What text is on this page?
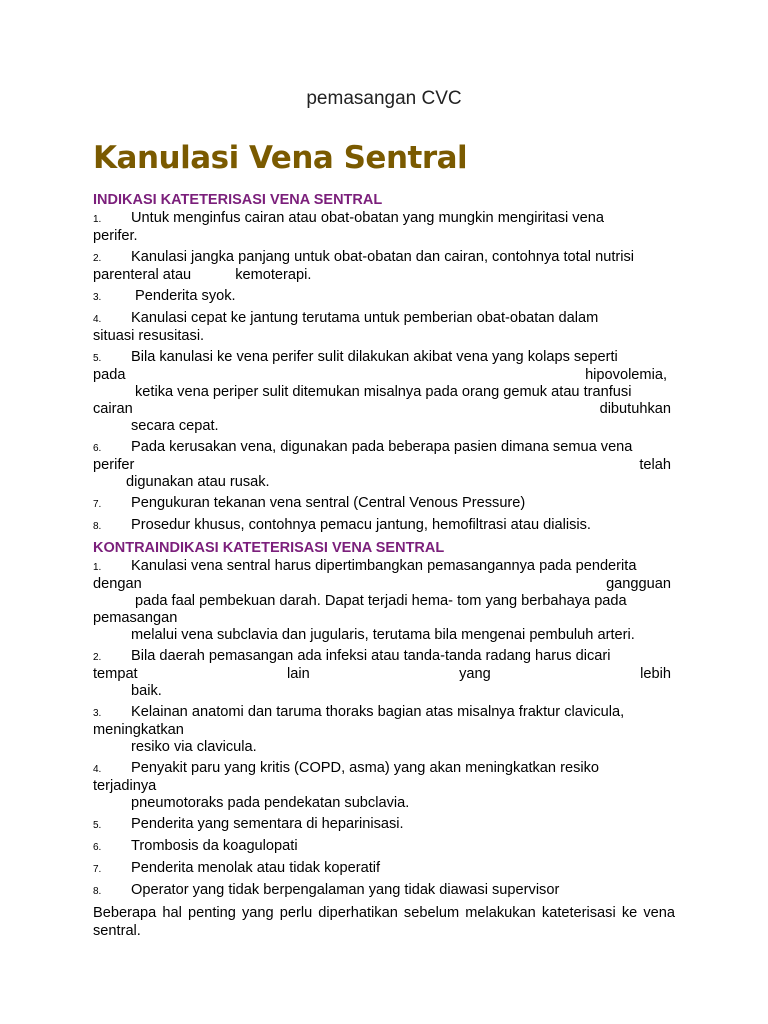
pemasangan CVC
Kanulasi Vena Sentral
INDIKASI KATETERISASI VENA SENTRAL
1. Untuk menginfus cairan atau obat-obatan yang mungkin mengiritasi vena
perifer.
2. Kanulasi jangka panjang untuk obat-obatan dan cairan, contohnya total nutrisi
parenteral atau	kemoterapi.
3. Penderita syok.
4. Kanulasi cepat ke jantung terutama untuk pemberian obat-obatan dalam
situasi resusitasi.
5. Bila kanulasi ke vena perifer sulit dilakukan akibat vena yang kolaps seperti
pada	hipovolemia,
ketika vena periper sulit ditemukan misalnya pada orang gemuk atau tranfusi
cairan	dibutuhkan
secara cepat.
6. Pada kerusakan vena, digunakan pada beberapa pasien dimana semua vena
perifer	telah
digunakan atau rusak.
7. Pengukuran tekanan vena sentral (Central Venous Pressure)
8. Prosedur khusus, contohnya pemacu jantung, hemofiltrasi atau dialisis.
KONTRAINDIKASI KATETERISASI VENA SENTRAL
1. Kanulasi vena sentral harus dipertimbangkan pemasangannya pada penderita
dengan	gangguan
pada faal pembekuan darah. Dapat terjadi hema- tom yang berbahaya pada
pemasangan
melalui vena subclavia dan jugularis, terutama bila mengenai pembuluh arteri.
2. Bila daerah pemasangan ada infeksi atau tanda-tanda radang harus dicari
tempat	lain	yang	lebih
baik.
3. Kelainan anatomi dan taruma thoraks bagian atas misalnya fraktur clavicula,
meningkatkan
resiko via clavicula.
4. Penyakit paru yang kritis (COPD, asma) yang akan meningkatkan resiko
terjadinya
pneumotoraks pada pendekatan subclavia.
5. Penderita yang sementara di heparinisasi.
6. Trombosis da koagulopati
7. Penderita menolak atau tidak koperatif
8. Operator yang tidak berpengalaman yang tidak diawasi supervisor
Beberapa hal penting yang perlu diperhatikan sebelum melakukan kateterisasi ke vena sentral.
